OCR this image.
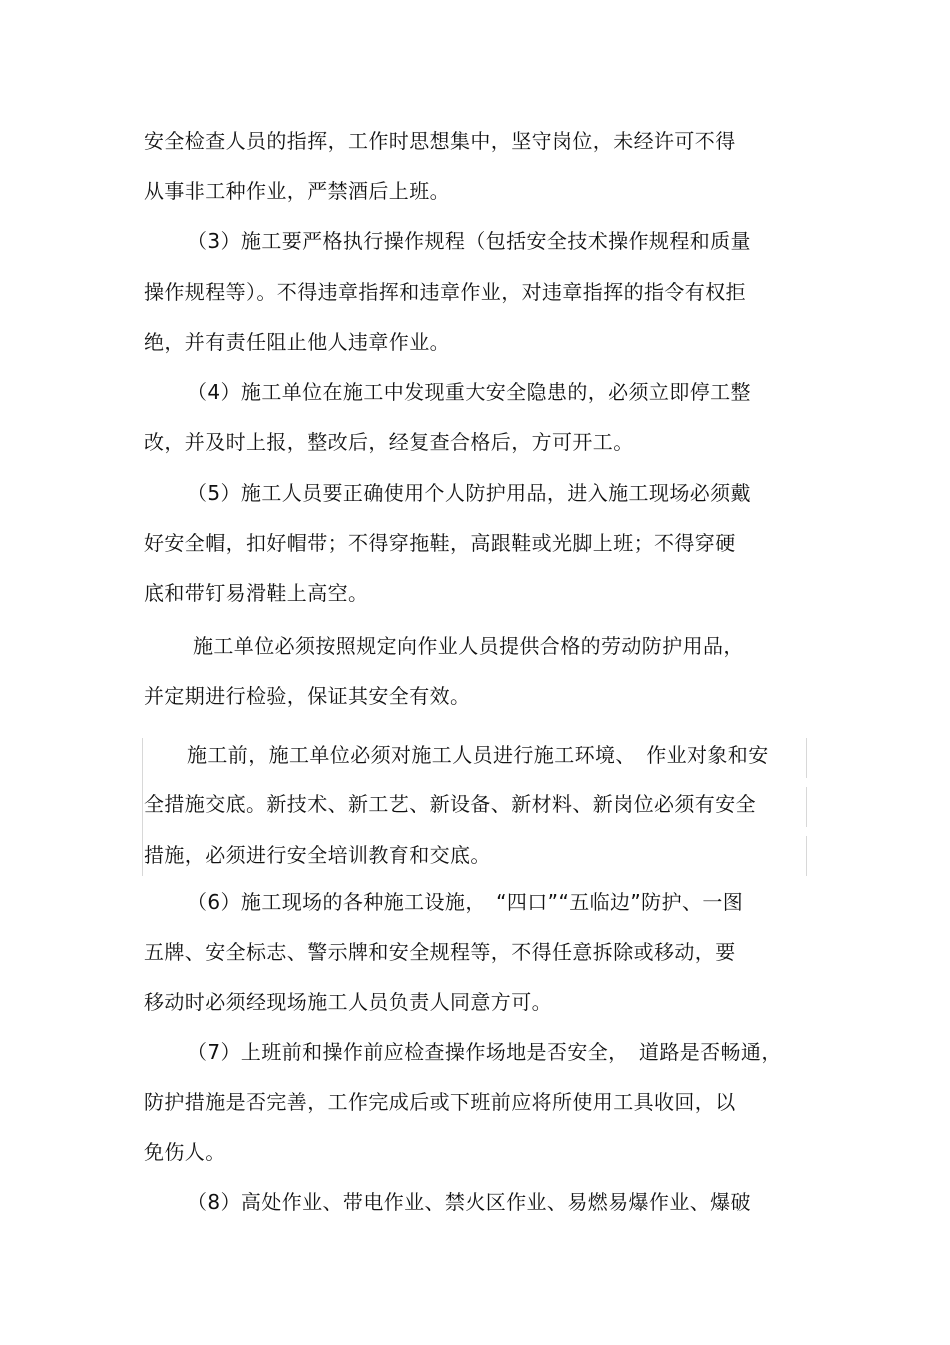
安全检查人员的指挥，工作时思想集中，坚守岗位，未经许可不得
从事非工种作业，严禁酒后上班。
（3）施工要严格执行操作规程（包括安全技术操作规程和质量
操作规程等）。不得违章指挥和违章作业，对违章指挥的指令有权拒
绝，并有责任阻止他人违章作业。
（4）施工单位在施工中发现重大安全隐患的，必须立即停工整
改，并及时上报，整改后，经复查合格后，方可开工。
（5）施工人员要正确使用个人防护用品，进入施工现场必须戴
好安全帽，扣好帽带；不得穿拖鞋，高跟鞋或光脚上班；不得穿硬
底和带钉易滑鞋上高空。
施工单位必须按照规定向作业人员提供合格的劳动防护用品，
并定期进行检验，保证其安全有效。
施工前，施工单位必须对施工人员进行施工环境、　作业对象和安
全措施交底。新技术、新工艺、新设备、新材料、新岗位必须有安全
措施，必须进行安全培训教育和交底。
（6）施工现场的各种施工设施，　“四口”“五临边”防护、一图
五牌、安全标志、警示牌和安全规程等，不得任意拆除或移动，要
移动时必须经现场施工人员负责人同意方可。
（7）上班前和操作前应检查操作场地是否安全，　道路是否畅通，
防护措施是否完善，工作完成后或下班前应将所使用工具收回，以
免伤人。
（8）高处作业、带电作业、禁火区作业、易燃易爆作业、爆破
